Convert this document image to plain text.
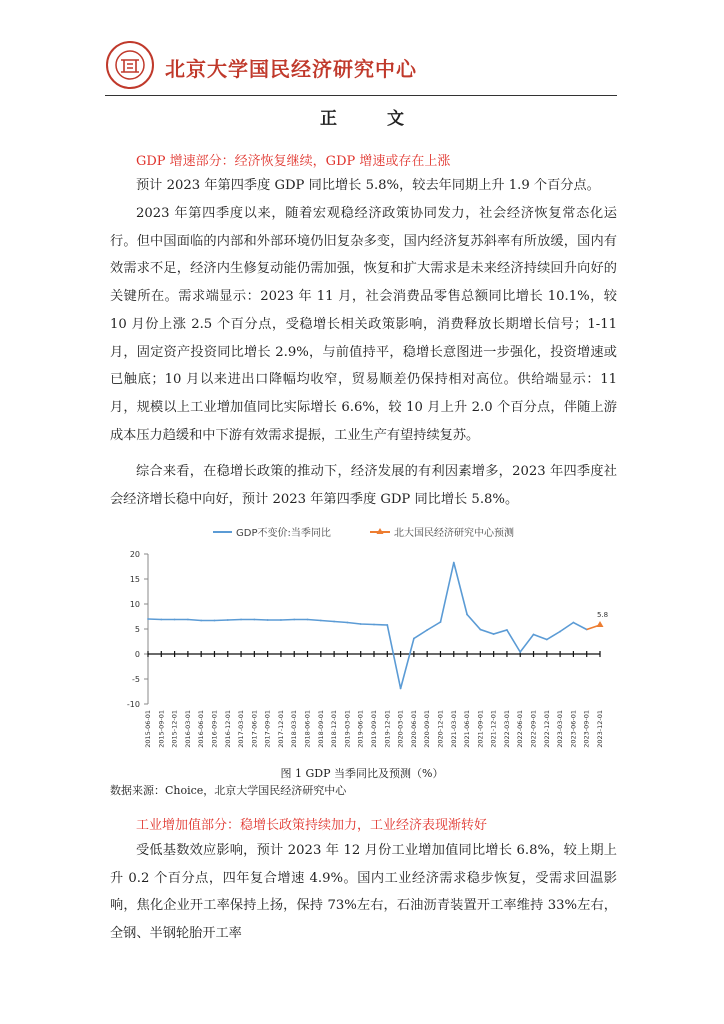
北京大学国民经济研究中心
正 文
GDP 增速部分：经济恢复继续，GDP 增速或存在上涨
预计 2023 年第四季度 GDP 同比增长 5.8%，较去年同期上升 1.9 个百分点。
2023 年第四季度以来，随着宏观稳经济政策协同发力，社会经济恢复常态化运行。但中国面临的内部和外部环境仍旧复杂多变，国内经济复苏斜率有所放缓，国内有效需求不足，经济内生修复动能仍需加强，恢复和扩大需求是未来经济持续回升向好的关键所在。需求端显示：2023 年 11 月，社会消费品零售总额同比增长 10.1%，较 10 月份上涨 2.5 个百分点，受稳增长相关政策影响，消费释放长期增长信号；1-11 月，固定资产投资同比增长 2.9%，与前值持平，稳增长意图进一步强化，投资增速或已触底；10 月以来进出口降幅均收窄，贸易顺差仍保持相对高位。供给端显示：11 月，规模以上工业增加值同比实际增长 6.6%，较 10 月上升 2.0 个百分点，伴随上游成本压力趋缓和中下游有效需求提振，工业生产有望持续复苏。
综合来看，在稳增长政策的推动下，经济发展的有利因素增多，2023 年四季度社会经济增长稳中向好，预计 2023 年第四季度 GDP 同比增长 5.8%。
GDP不变价:当季同比	北大国民经济研究中心预测
-10
-5
0
5
10
15
20
2015-06-01 2015-09-01 2015-12-01 2016-03-01 2016-06-01 2016-09-01 2016-12-01 2017-03-01 2017-06-01 2017-09-01 2017-12-01 2018-03-01 2018-06-01 2018-09-01 2018-12-01 2019-03-01 2019-06-01 2019-09-01 2019-12-01 2020-03-01 2020-06-01 2020-09-01 2020-12-01 2021-03-01 2021-06-01 2021-09-01 2021-12-01 2022-03-01 2022-06-01 2022-09-01 2022-12-01 2023-03-01 2023-06-01 2023-09-01 2023-12-01
5.8
图 1 GDP 当季同比及预测（%）
数据来源：Choice，北京大学国民经济研究中心
工业增加值部分：稳增长政策持续加力，工业经济表现渐转好
受低基数效应影响，预计 2023 年 12 月份工业增加值同比增长 6.8%，较上期上升 0.2 个百分点，四年复合增速 4.9%。国内工业经济需求稳步恢复，受需求回温影响，焦化企业开工率保持上扬，保持 73%左右，石油沥青装置开工率维持 33%左右，全钢、半钢轮胎开工率
